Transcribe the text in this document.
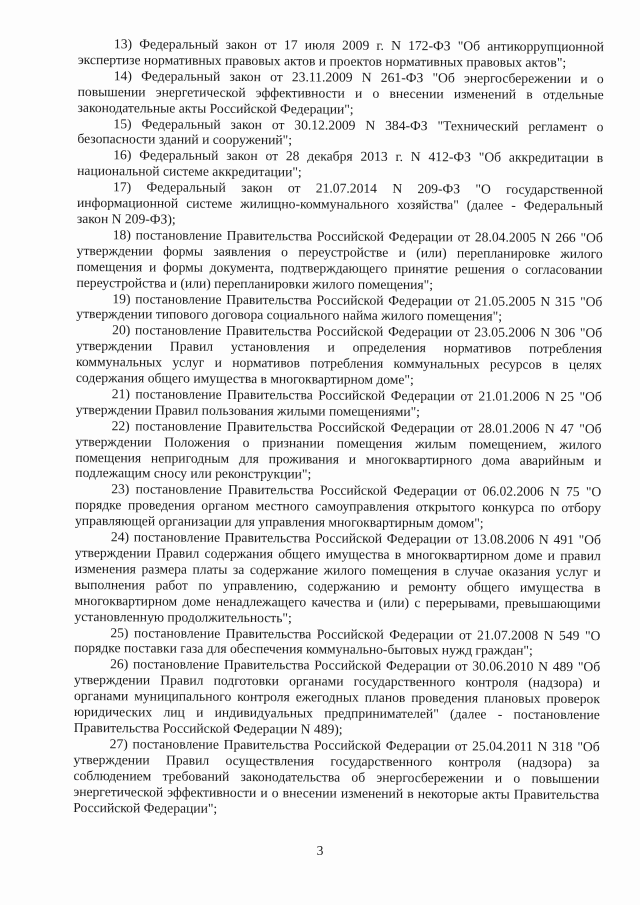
13) Федеральный закон от 17 июля 2009 г. N 172-ФЗ "Об антикоррупционной экспертизе нормативных правовых актов и проектов нормативных правовых актов";

14) Федеральный закон от 23.11.2009 N 261-ФЗ "Об энергосбережении и о повышении энергетической эффективности и о внесении изменений в отдельные законодательные акты Российской Федерации";

15) Федеральный закон от 30.12.2009 N 384-ФЗ "Технический регламент о безопасности зданий и сооружений";

16) Федеральный закон от 28 декабря 2013 г. N 412-ФЗ "Об аккредитации в национальной системе аккредитации";

17) Федеральный закон от 21.07.2014 N 209-ФЗ "О государственной информационной системе жилищно-коммунального хозяйства" (далее - Федеральный закон N 209-ФЗ);

18) постановление Правительства Российской Федерации от 28.04.2005 N 266 "Об утверждении формы заявления о переустройстве и (или) перепланировке жилого помещения и формы документа, подтверждающего принятие решения о согласовании переустройства и (или) перепланировки жилого помещения";

19) постановление Правительства Российской Федерации от 21.05.2005 N 315 "Об утверждении типового договора социального найма жилого помещения";

20) постановление Правительства Российской Федерации от 23.05.2006 N 306 "Об утверждении Правил установления и определения нормативов потребления коммунальных услуг и нормативов потребления коммунальных ресурсов в целях содержания общего имущества в многоквартирном доме";

21) постановление Правительства Российской Федерации от 21.01.2006 N 25 "Об утверждении Правил пользования жилыми помещениями";

22) постановление Правительства Российской Федерации от 28.01.2006 N 47 "Об утверждении Положения о признании помещения жилым помещением, жилого помещения непригодным для проживания и многоквартирного дома аварийным и подлежащим сносу или реконструкции";

23) постановление Правительства Российской Федерации от 06.02.2006 N 75 "О порядке проведения органом местного самоуправления открытого конкурса по отбору управляющей организации для управления многоквартирным домом";

24) постановление Правительства Российской Федерации от 13.08.2006 N 491 "Об утверждении Правил содержания общего имущества в многоквартирном доме и правил изменения размера платы за содержание жилого помещения в случае оказания услуг и выполнения работ по управлению, содержанию и ремонту общего имущества в многоквартирном доме ненадлежащего качества и (или) с перерывами, превышающими установленную продолжительность";

25) постановление Правительства Российской Федерации от 21.07.2008 N 549 "О порядке поставки газа для обеспечения коммунально-бытовых нужд граждан";

26) постановление Правительства Российской Федерации от 30.06.2010 N 489 "Об утверждении Правил подготовки органами государственного контроля (надзора) и органами муниципального контроля ежегодных планов проведения плановых проверок юридических лиц и индивидуальных предпринимателей" (далее - постановление Правительства Российской Федерации N 489);

27) постановление Правительства Российской Федерации от 25.04.2011 N 318 "Об утверждении Правил осуществления государственного контроля (надзора) за соблюдением требований законодательства об энергосбережении и о повышении энергетической эффективности и о внесении изменений в некоторые акты Правительства Российской Федерации";

3
